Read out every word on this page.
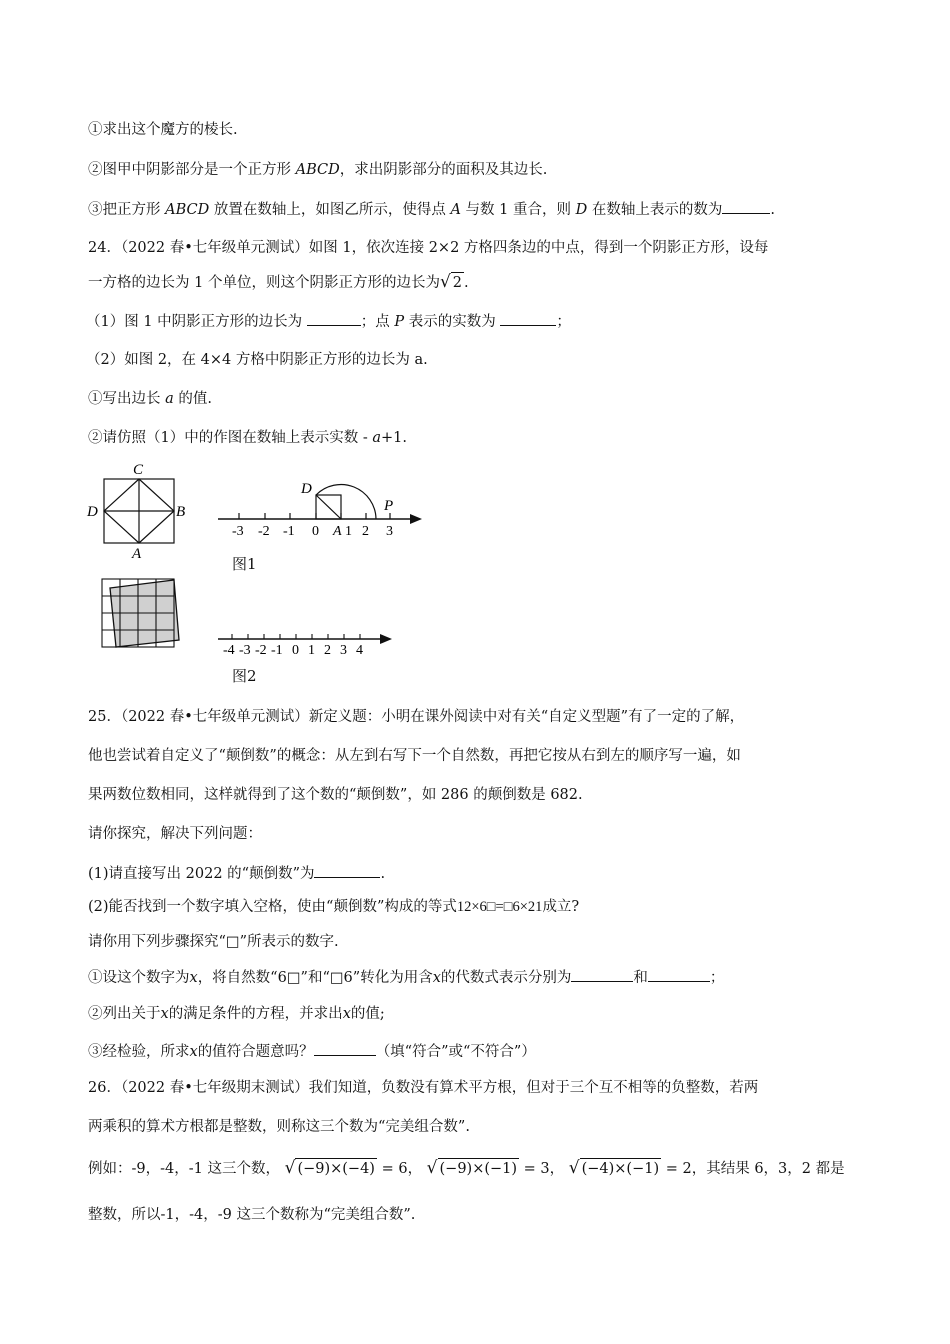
①求出这个魔方的棱长.
②图甲中阴影部分是一个正方形 ABCD，求出阴影部分的面积及其边长.
③把正方形 ABCD 放置在数轴上，如图乙所示，使得点 A 与数 1 重合，则 D 在数轴上表示的数为	.
24．（2022 春•七年级单元测试）如图 1，依次连接 2×2 方格四条边的中点，得到一个阴影正方形，设每
一方格的边长为 1 个单位，则这个阴影正方形的边长为√ 2 .
（1）图 1 中阴影正方形的边长为	；点 P 表示的实数为	；
（2）如图 2，在 4×4 方格中阴影正方形的边长为 a.
①写出边长 a 的值.
②请仿照（1）中的作图在数轴上表示实数 - a+1.
C
D	B
A
-3 -2 -1 0 1 2 3
D
A
P
-4 -3 -2 -1 0 1 2 3 4
图1
图2
25．（2022 春•七年级单元测试）新定义题：小明在课外阅读中对有关“自定义型题”有了一定的了解，
他也尝试着自定义了“颠倒数”的概念：从左到右写下一个自然数，再把它按从右到左的顺序写一遍，如
果两数位数相同，这样就得到了这个数的“颠倒数”，如 286 的颠倒数是 682.
请你探究，解决下列问题：
(1)请直接写出 2022 的“颠倒数”为	.
(2)能否找到一个数字填入空格，使由“颠倒数”构成的等式12×6□=□6×21成立?
请你用下列步骤探究“□”所表示的数字.
①设这个数字为x，将自然数“6□”和“□6”转化为用含x的代数式表示分别为	和	；
②列出关于x的满足条件的方程，并求出x的值;
③经检验，所求x的值符合题意吗？	（填“符合”或“不符合”）
26．（2022 春•七年级期末测试）我们知道，负数没有算术平方根，但对于三个互不相等的负整数，若两
两乘积的算术方根都是整数，则称这三个数为“完美组合数”.
例如：-9，-4，-1 这三个数， √ (−9)×(−4) = 6， √ (−9)×(−1) = 3， √ (−4)×(−1) = 2，其结果 6，3，2 都是
整数，所以-1，-4，-9 这三个数称为“完美组合数”.
